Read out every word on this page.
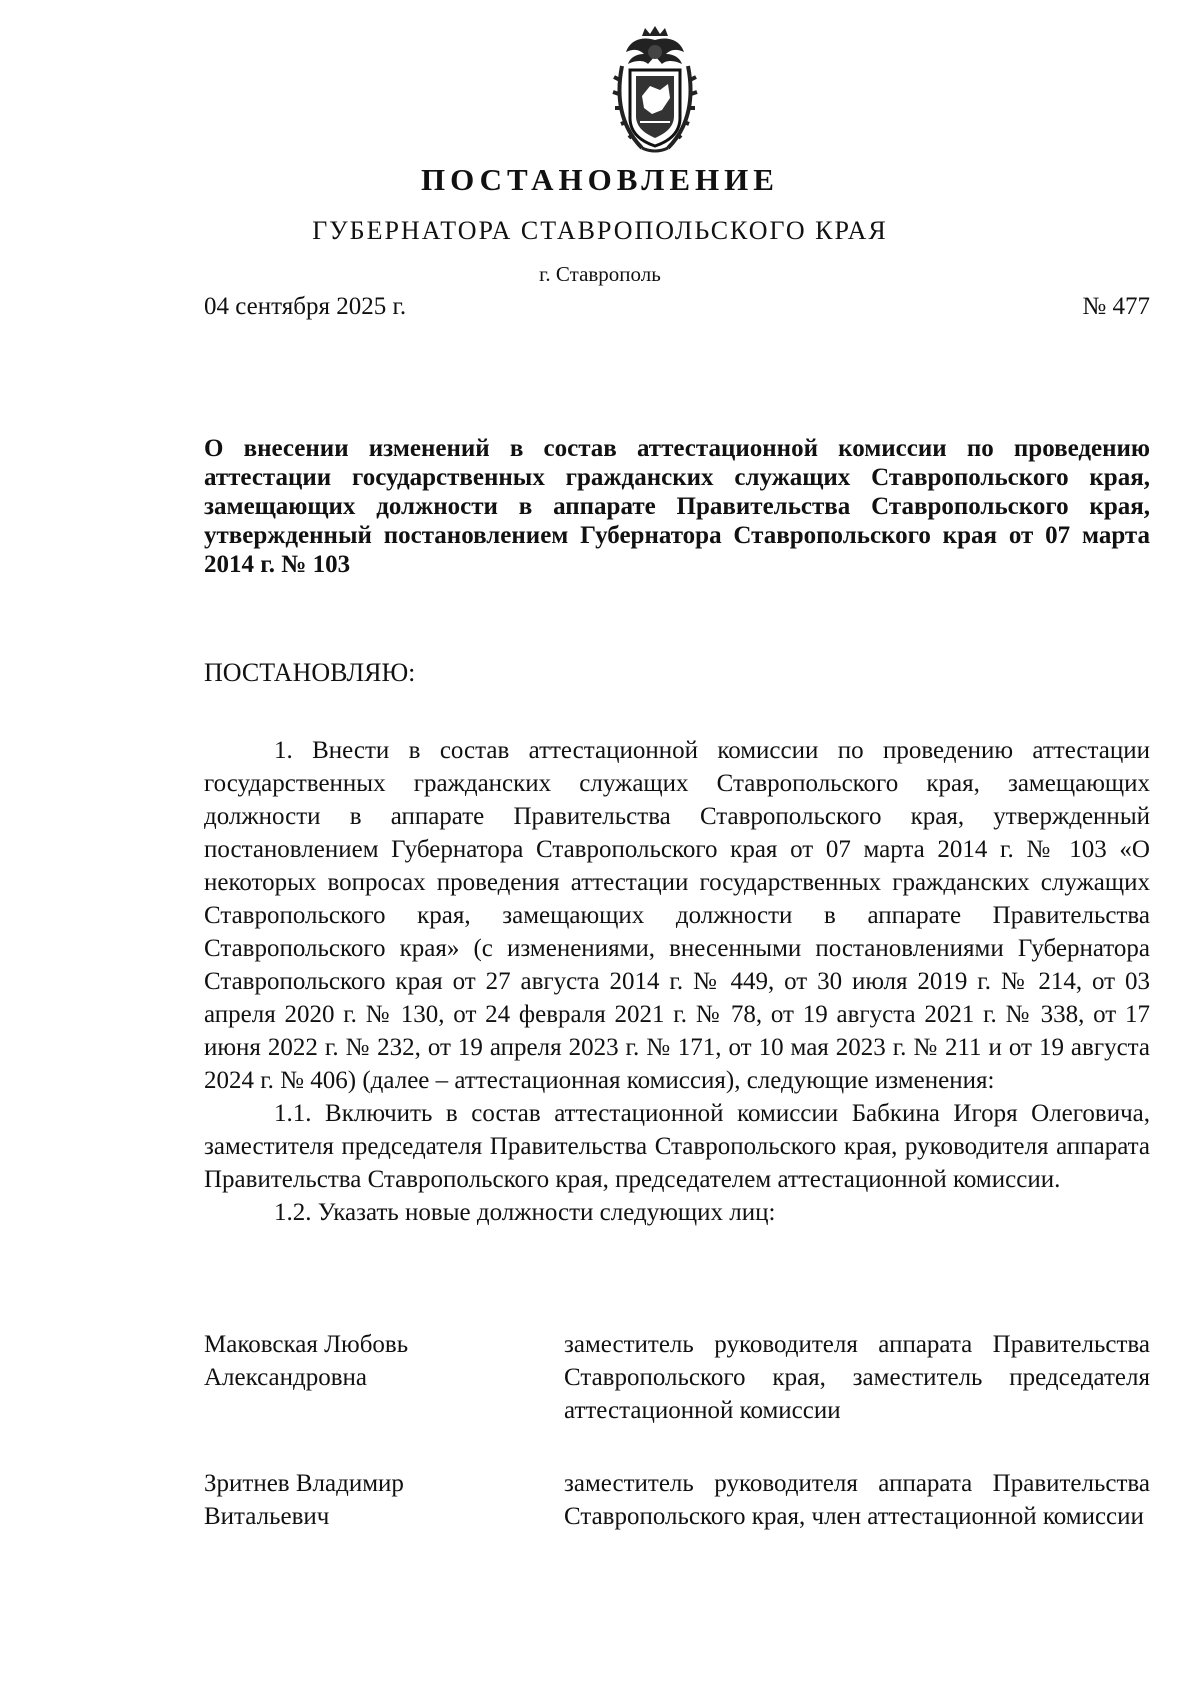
ПОСТАНОВЛЕНИЕ
ГУБЕРНАТОРА СТАВРОПОЛЬСКОГО КРАЯ
г. Ставрополь
04 сентября 2025 г.	№ 477

О внесении изменений в состав аттестационной комиссии по проведению аттестации государственных гражданских служащих Ставропольского края, замещающих должности в аппарате Правительства Ставропольского края, утвержденный постановлением Губернатора Ставропольского края от 07 марта 2014 г. № 103

ПОСТАНОВЛЯЮ:

1. Внести в состав аттестационной комиссии по проведению аттестации государственных гражданских служащих Ставропольского края, замещающих должности в аппарате Правительства Ставропольского края, утвержденный постановлением Губернатора Ставропольского края от 07 марта 2014 г. № 103 «О некоторых вопросах проведения аттестации государственных гражданских служащих Ставропольского края, замещающих должности в аппарате Правительства Ставропольского края» (с изменениями, внесенными постановлениями Губернатора Ставропольского края от 27 августа 2014 г. № 449, от 30 июля 2019 г. № 214, от 03 апреля 2020 г. № 130, от 24 февраля 2021 г. № 78, от 19 августа 2021 г. № 338, от 17 июня 2022 г. № 232, от 19 апреля 2023 г. № 171, от 10 мая 2023 г. № 211 и от 19 августа 2024 г. № 406) (далее – аттестационная комиссия), следующие изменения:

1.1. Включить в состав аттестационной комиссии Бабкина Игоря Олеговича, заместителя председателя Правительства Ставропольского края, руководителя аппарата Правительства Ставропольского края, председателем аттестационной комиссии.

1.2. Указать новые должности следующих лиц:

Маковская Любовь
Александровна
заместитель руководителя аппарата Правительства Ставропольского края, заместитель председателя аттестационной комиссии
Зритнев Владимир
Витальевич
заместитель руководителя аппарата Правительства Ставропольского края, член аттестационной комиссии
